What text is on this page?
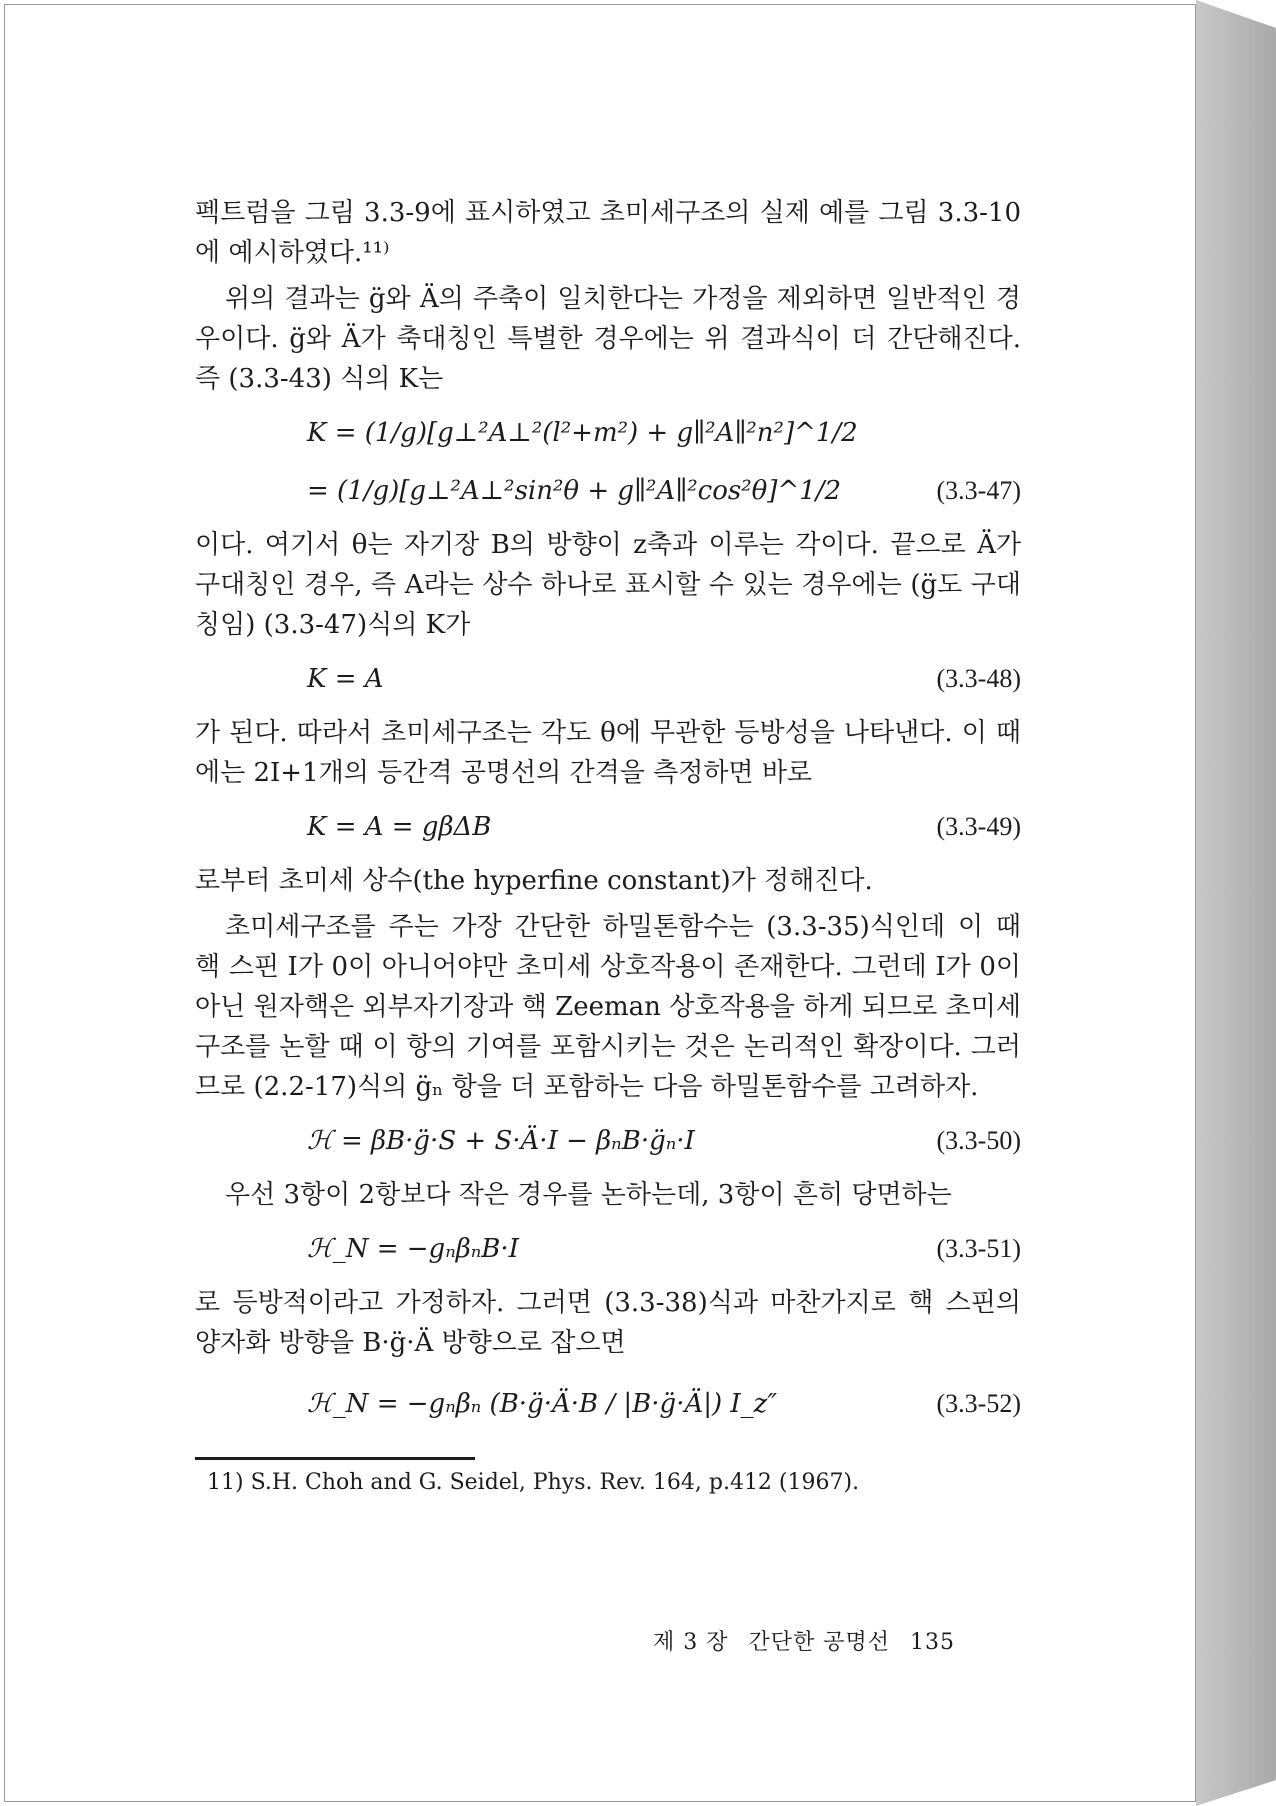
펙트럼을 그림 3.3-9에 표시하였고 초미세구조의 실제 예를 그림 3.3-10에 예시하였다.¹¹⁾

위의 결과는 g̈와 Ä의 주축이 일치한다는 가정을 제외하면 일반적인 경우이다. g̈와 Ä가 축대칭인 특별한 경우에는 위 결과식이 더 간단해진다. 즉 (3.3-43) 식의 K는

K = (1/g)[g⊥²A⊥²(l²+m²) + g∥²A∥²n²]^1/2
= (1/g)[g⊥²A⊥²sin²θ + g∥²A∥²cos²θ]^1/2	(3.3-47)

이다. 여기서 θ는 자기장 B의 방향이 z축과 이루는 각이다. 끝으로 Ä가 구대칭인 경우, 즉 A라는 상수 하나로 표시할 수 있는 경우에는 (g̈도 구대칭임) (3.3-47)식의 K가

K = A	(3.3-48)

가 된다. 따라서 초미세구조는 각도 θ에 무관한 등방성을 나타낸다. 이 때에는 2I+1개의 등간격 공명선의 간격을 측정하면 바로

K = A = gβΔB	(3.3-49)

로부터 초미세 상수(the hyperfine constant)가 정해진다.

초미세구조를 주는 가장 간단한 하밀톤함수는 (3.3-35)식인데 이 때 핵 스핀 I가 0이 아니어야만 초미세 상호작용이 존재한다. 그런데 I가 0이 아닌 원자핵은 외부자기장과 핵 Zeeman 상호작용을 하게 되므로 초미세구조를 논할 때 이 항의 기여를 포함시키는 것은 논리적인 확장이다. 그러므로 (2.2-17)식의 g̈ₙ 항을 더 포함하는 다음 하밀톤함수를 고려하자.

ℋ = βB·g̈·S + S·Ä·I − βₙB·g̈ₙ·I	(3.3-50)

우선 3항이 2항보다 작은 경우를 논하는데, 3항이 흔히 당면하는

ℋ_N = −gₙβₙB·I	(3.3-51)

로 등방적이라고 가정하자. 그러면 (3.3-38)식과 마찬가지로 핵 스핀의 양자화 방향을 B·g̈·Ä 방향으로 잡으면

ℋ_N = −gₙβₙ (B·g̈·Ä·B / |B·g̈·Ä|) I_z″	(3.3-52)

11) S.H. Choh and G. Seidel, Phys. Rev. 164, p.412 (1967).

제 3 장 간단한 공명선 135
